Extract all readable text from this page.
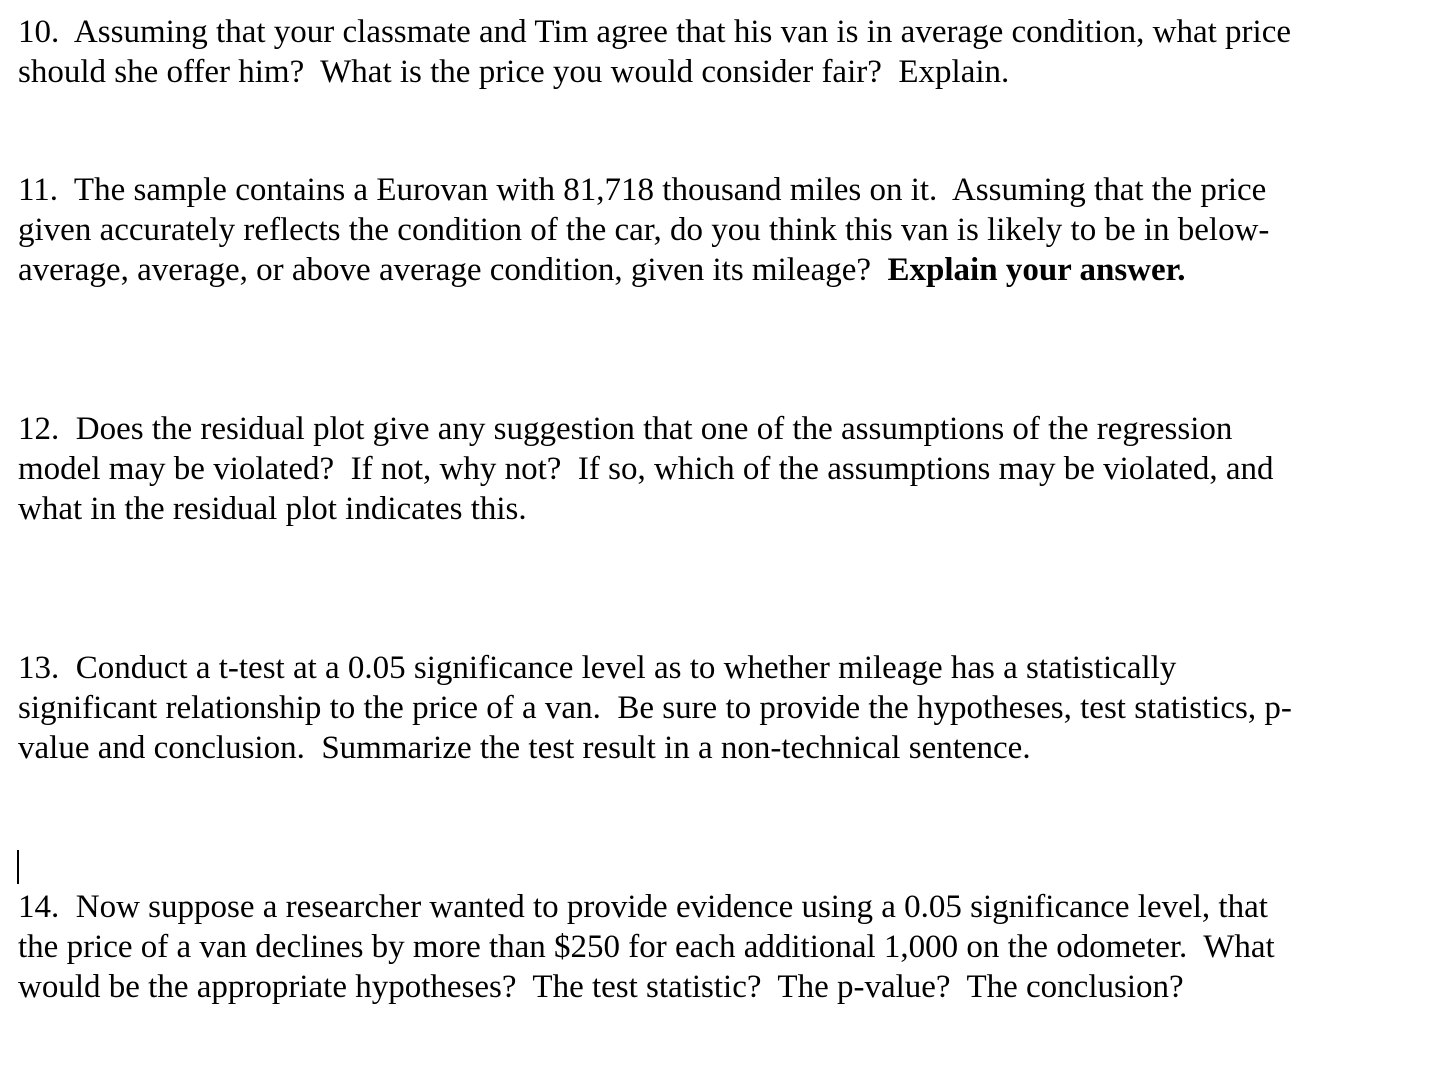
10.  Assuming that your classmate and Tim agree that his van is in average condition, what price
should she offer him?  What is the price you would consider fair?  Explain.

11.  The sample contains a Eurovan with 81,718 thousand miles on it.  Assuming that the price
given accurately reflects the condition of the car, do you think this van is likely to be in below-
average, average, or above average condition, given its mileage?  Explain your answer.

12.  Does the residual plot give any suggestion that one of the assumptions of the regression
model may be violated?  If not, why not?  If so, which of the assumptions may be violated, and
what in the residual plot indicates this.

13.  Conduct a t-test at a 0.05 significance level as to whether mileage has a statistically
significant relationship to the price of a van.  Be sure to provide the hypotheses, test statistics, p-
value and conclusion.  Summarize the test result in a non-technical sentence.

14.  Now suppose a researcher wanted to provide evidence using a 0.05 significance level, that
the price of a van declines by more than $250 for each additional 1,000 on the odometer.  What
would be the appropriate hypotheses?  The test statistic?  The p-value?  The conclusion?
